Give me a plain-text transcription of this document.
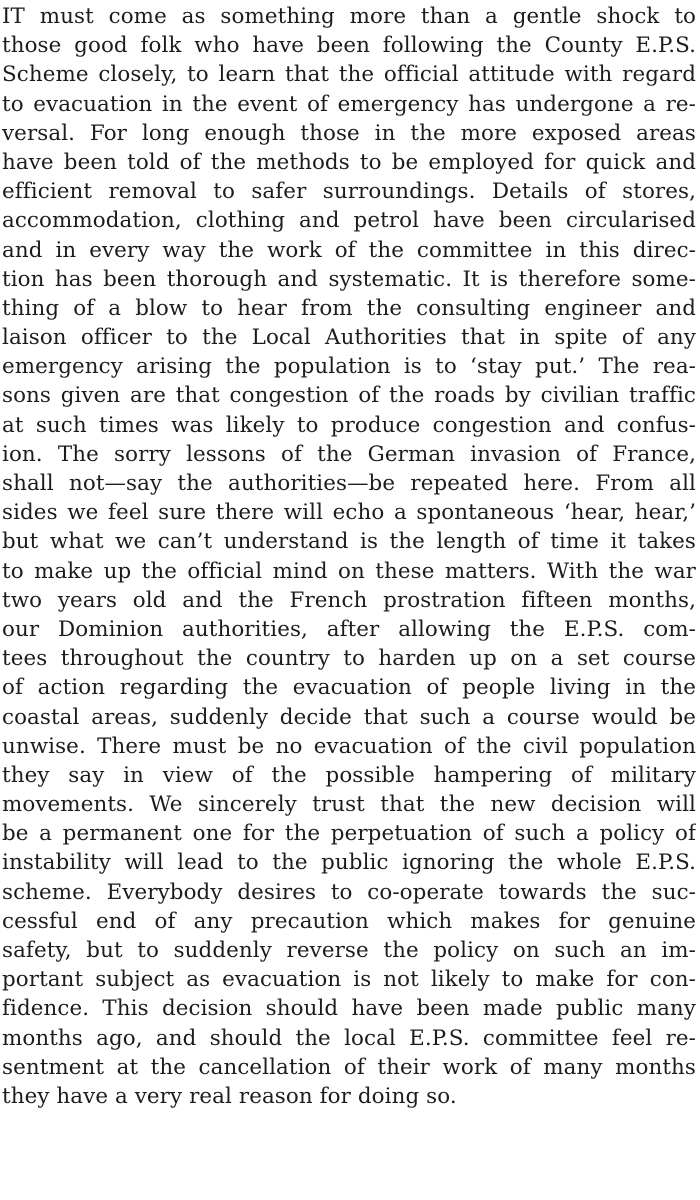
IT must come as something more than a gentle shock to
those good folk who have been following the County E.P.S.
Scheme closely, to learn that the official attitude with regard
to evacuation in the event of emergency has undergone a re-
versal. For long enough those in the more exposed areas
have been told of the methods to be employed for quick and
efficient removal to safer surroundings. Details of stores,
accommodation, clothing and petrol have been circularised
and in every way the work of the committee in this direc-
tion has been thorough and systematic. It is therefore some-
thing of a blow to hear from the consulting engineer and
laison officer to the Local Authorities that in spite of any
emergency arising the population is to ‘stay put.’ The rea-
sons given are that congestion of the roads by civilian traffic
at such times was likely to produce congestion and confus-
ion. The sorry lessons of the German invasion of France,
shall not—say the authorities—be repeated here. From all
sides we feel sure there will echo a spontaneous ‘hear, hear,’
but what we can’t understand is the length of time it takes
to make up the official mind on these matters. With the war
two years old and the French prostration fifteen months,
our Dominion authorities, after allowing the E.P.S. com-
tees throughout the country to harden up on a set course
of action regarding the evacuation of people living in the
coastal areas, suddenly decide that such a course would be
unwise. There must be no evacuation of the civil population
they say in view of the possible hampering of military
movements. We sincerely trust that the new decision will
be a permanent one for the perpetuation of such a policy of
instability will lead to the public ignoring the whole E.P.S.
scheme. Everybody desires to co-operate towards the suc-
cessful end of any precaution which makes for genuine
safety, but to suddenly reverse the policy on such an im-
portant subject as evacuation is not likely to make for con-
fidence. This decision should have been made public many
months ago, and should the local E.P.S. committee feel re-
sentment at the cancellation of their work of many months
they have a very real reason for doing so.
